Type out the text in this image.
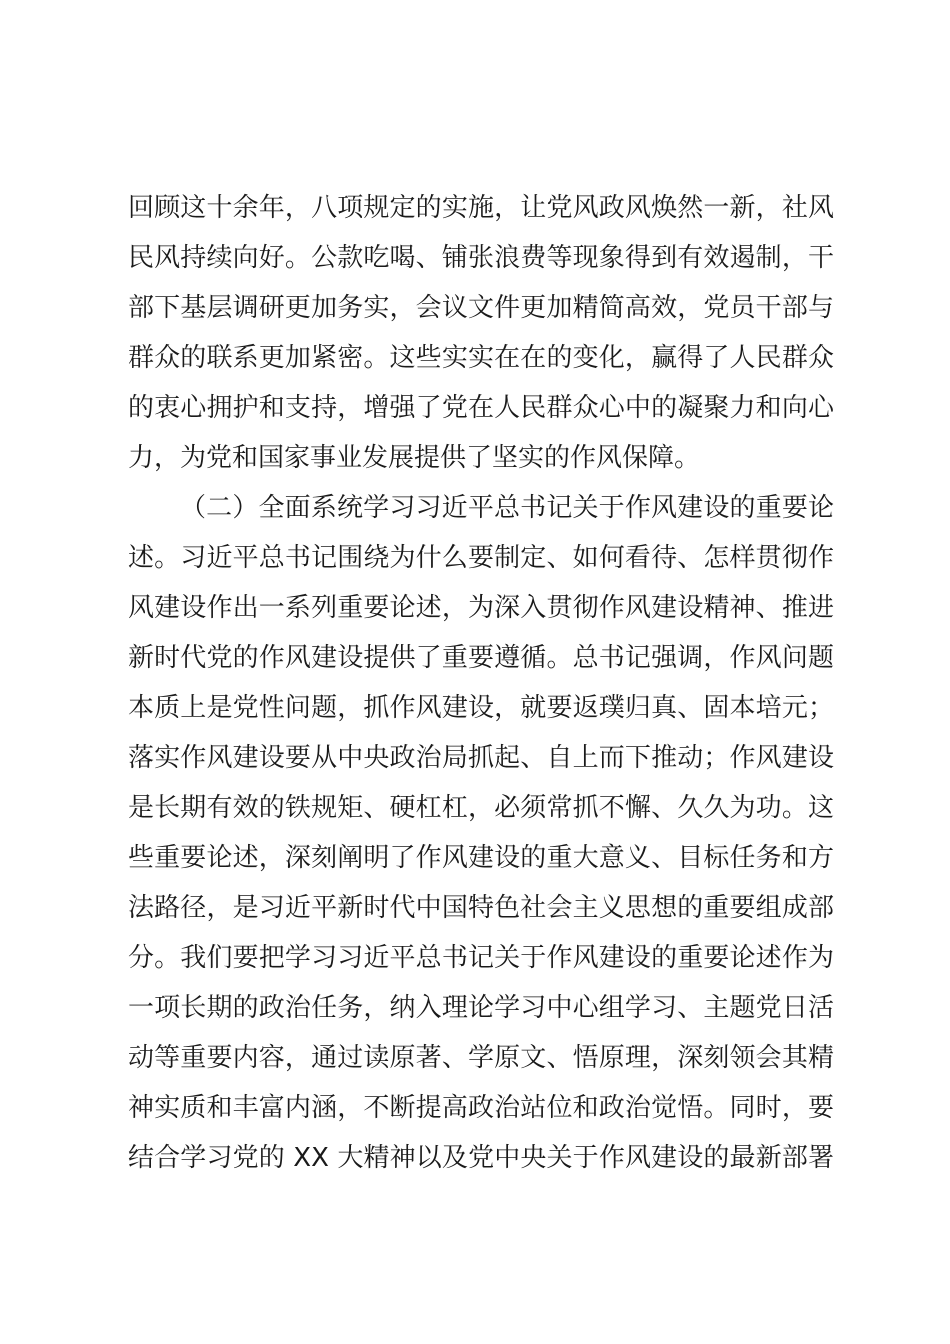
回顾这十余年，八项规定的实施，让党风政风焕然一新，社风
民风持续向好。公款吃喝、铺张浪费等现象得到有效遏制，干
部下基层调研更加务实，会议文件更加精简高效，党员干部与
群众的联系更加紧密。这些实实在在的变化，赢得了人民群众
的衷心拥护和支持，增强了党在人民群众心中的凝聚力和向心
力，为党和国家事业发展提供了坚实的作风保障。
（二）全面系统学习习近平总书记关于作风建设的重要论
述。习近平总书记围绕为什么要制定、如何看待、怎样贯彻作
风建设作出一系列重要论述，为深入贯彻作风建设精神、推进
新时代党的作风建设提供了重要遵循。总书记强调，作风问题
本质上是党性问题，抓作风建设，就要返璞归真、固本培元；
落实作风建设要从中央政治局抓起、自上而下推动；作风建设
是长期有效的铁规矩、硬杠杠，必须常抓不懈、久久为功。这
些重要论述，深刻阐明了作风建设的重大意义、目标任务和方
法路径，是习近平新时代中国特色社会主义思想的重要组成部
分。我们要把学习习近平总书记关于作风建设的重要论述作为
一项长期的政治任务，纳入理论学习中心组学习、主题党日活
动等重要内容，通过读原著、学原文、悟原理，深刻领会其精
神实质和丰富内涵，不断提高政治站位和政治觉悟。同时，要
结合学习党的 XX 大精神以及党中央关于作风建设的最新部署
